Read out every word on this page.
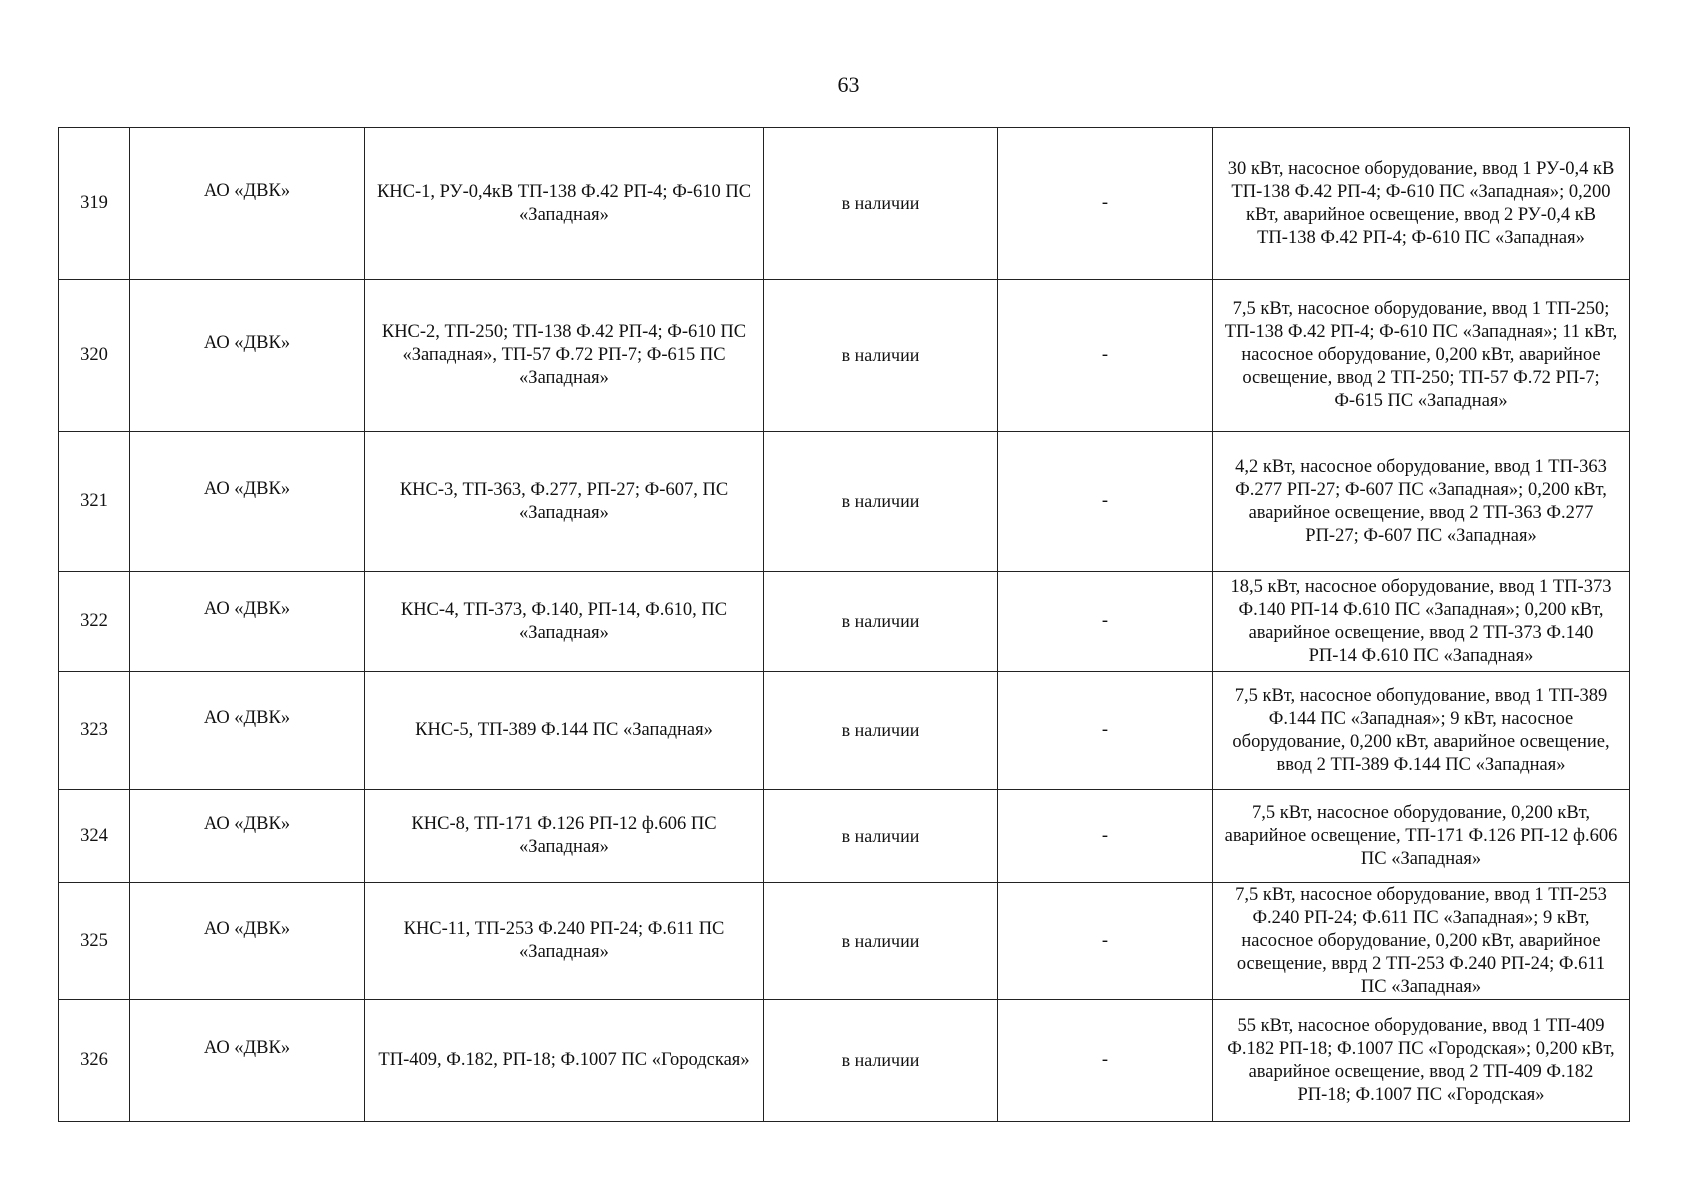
63
319	АО «ДВК»	КНС-1, РУ-0,4кВ ТП-138 Ф.42 РП-4; Ф-610 ПС «Западная»	в наличии	-	30 кВт, насосное оборудование, ввод 1 РУ-0,4 кВ ТП-138 Ф.42 РП-4; Ф-610 ПС «Западная»; 0,200 кВт, аварийное освещение, ввод 2 РУ-0,4 кВ ТП-138 Ф.42 РП-4; Ф-610 ПС «Западная»
320	АО «ДВК»	КНС-2, ТП-250; ТП-138 Ф.42 РП-4; Ф-610 ПС «Западная», ТП-57 Ф.72 РП-7; Ф-615 ПС «Западная»	в наличии	-	7,5 кВт, насосное оборудование, ввод 1 ТП-250; ТП-138 Ф.42 РП-4; Ф-610 ПС «Западная»; 11 кВт, насосное оборудование, 0,200 кВт, аварийное освещение, ввод 2 ТП-250; ТП-57 Ф.72 РП-7; Ф-615 ПС «Западная»
321	АО «ДВК»	КНС-3, ТП-363, Ф.277, РП-27; Ф-607, ПС «Западная»	в наличии	-	4,2 кВт, насосное оборудование, ввод 1 ТП-363 Ф.277 РП-27; Ф-607 ПС «Западная»; 0,200 кВт, аварийное освещение, ввод 2 ТП-363 Ф.277 РП-27; Ф-607 ПС «Западная»
322	АО «ДВК»	КНС-4, ТП-373, Ф.140, РП-14, Ф.610, ПС «Западная»	в наличии	-	18,5 кВт, насосное оборудование, ввод 1 ТП-373 Ф.140 РП-14 Ф.610 ПС «Западная»; 0,200 кВт, аварийное освещение, ввод 2 ТП-373 Ф.140 РП-14 Ф.610 ПС «Западная»
323	АО «ДВК»	КНС-5, ТП-389 Ф.144 ПС «Западная»	в наличии	-	7,5 кВт, насосное обопудование, ввод 1 ТП-389 Ф.144 ПС «Западная»; 9 кВт, насосное оборудование, 0,200 кВт, аварийное освещение, ввод 2 ТП-389 Ф.144 ПС «Западная»
324	АО «ДВК»	КНС-8, ТП-171 Ф.126 РП-12 ф.606 ПС «Западная»	в наличии	-	7,5 кВт, насосное оборудование, 0,200 кВт, аварийное освещение, ТП-171 Ф.126 РП-12 ф.606 ПС «Западная»
325	АО «ДВК»	КНС-11, ТП-253 Ф.240 РП-24; Ф.611 ПС «Западная»	в наличии	-	7,5 кВт, насосное оборудование, ввод 1 ТП-253 Ф.240 РП-24; Ф.611 ПС «Западная»; 9 кВт, насосное оборудование, 0,200 кВт, аварийное освещение, ввpд 2 ТП-253 Ф.240 РП-24; Ф.611 ПС «Западная»
326	АО «ДВК»	ТП-409, Ф.182, РП-18; Ф.1007 ПС «Городская»	в наличии	-	55 кВт, насосное оборудование, ввод 1 ТП-409 Ф.182 РП-18; Ф.1007 ПС «Городская»; 0,200 кВт, аварийное освещение, ввод 2 ТП-409 Ф.182 РП-18; Ф.1007 ПС «Городская»
